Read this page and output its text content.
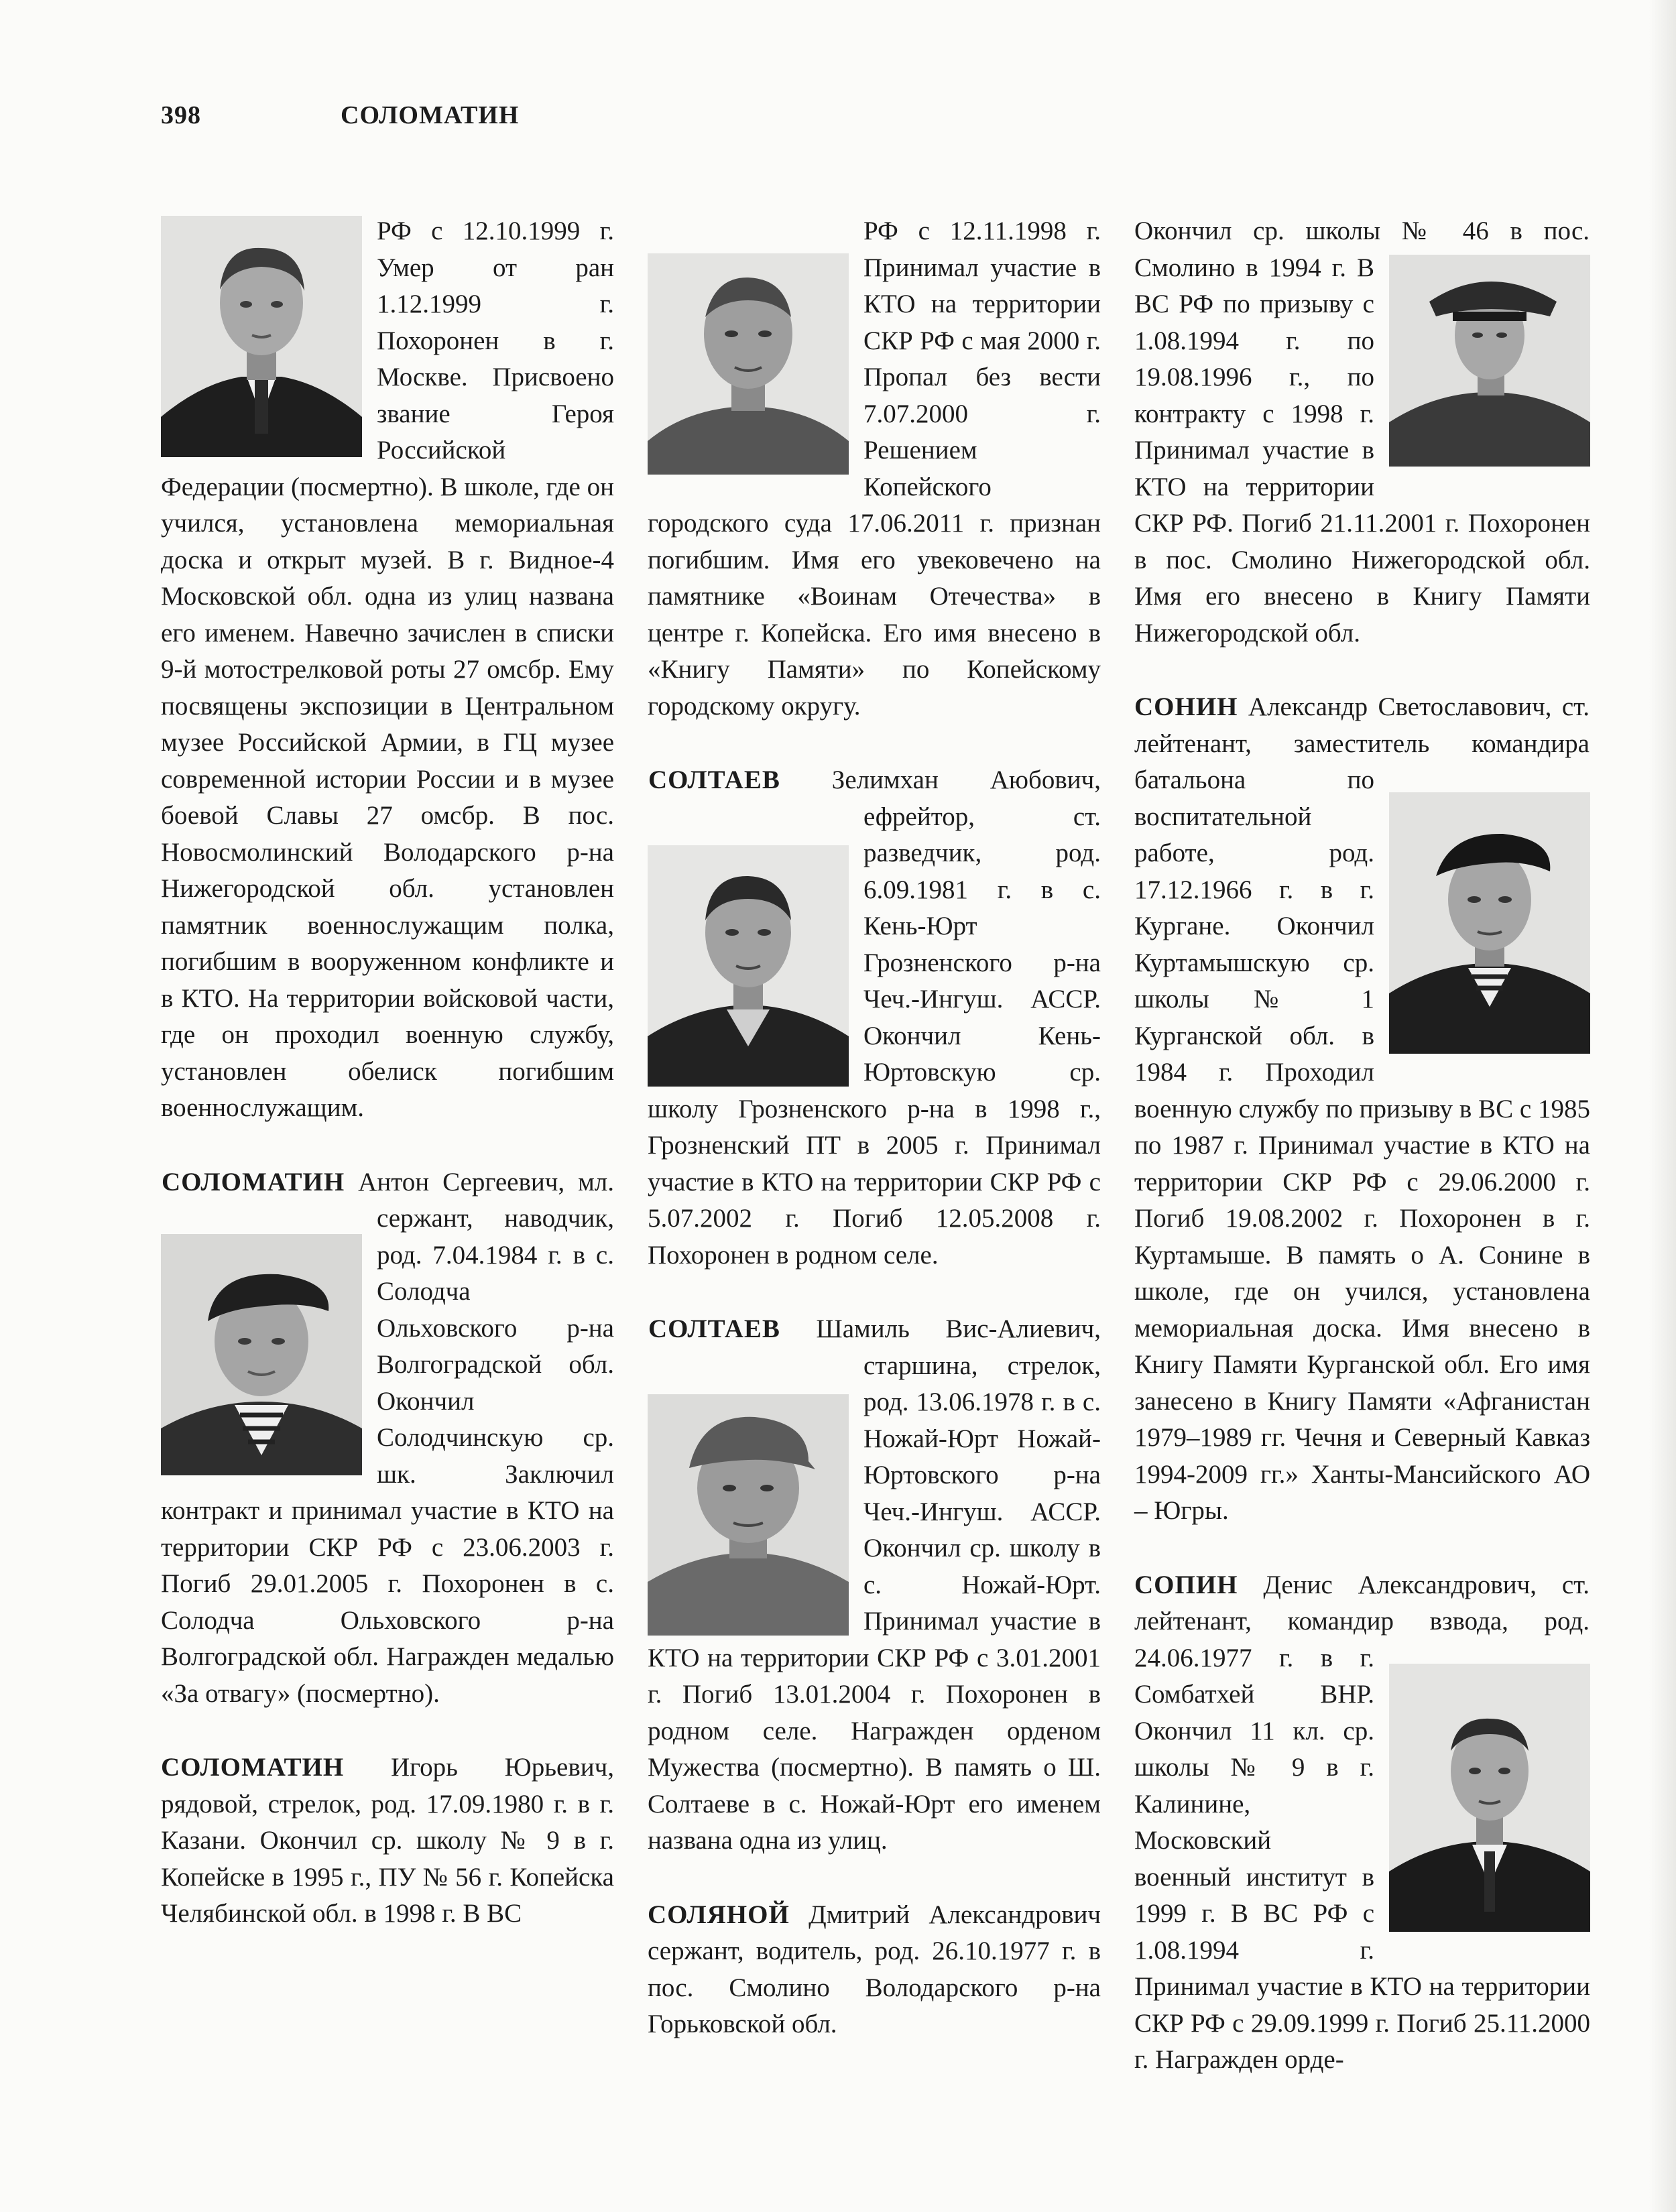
398	СОЛОМАТИН

РФ с 12.10.1999 г. Умер от ран 1.12.1999 г. Похоронен в г. Москве. Присвоено звание Героя Российской Федерации (посмертно). В школе, где он учился, установлена мемориальная доска и открыт музей. В г. Видное-4 Московской обл. одна из улиц названа его именем. Навечно зачислен в списки 9-й мотострелковой роты 27 омсбр. Ему посвящены экспозиции в Центральном музее Российской Армии, в ГЦ музее современной истории России и в музее боевой Славы 27 омсбр. В пос. Новосмолинский Володарского р-на Нижегородской обл. установлен памятник военнослужащим полка, погибшим в вооруженном конфликте и в КТО. На территории войсковой части, где он проходил военную службу, установлен обелиск погибшим военнослужащим.

СОЛОМАТИН Антон Сергеевич, мл. сержант, наводчик, род. 7.04.1984 г. в с. Солодча Ольховского р-на Волгоградской обл. Окончил Солодчинскую ср. шк. Заключил контракт и принимал участие в КТО на территории СКР РФ с 23.06.2003 г. Погиб 29.01.2005 г. Похоронен в с. Солодча Ольховского р-на Волгоградской обл. Награжден медалью «За отвагу» (посмертно).

СОЛОМАТИН Игорь Юрьевич, рядовой, стрелок, род. 17.09.1980 г. в г. Казани. Окончил ср. школу № 9 в г. Копейске в 1995 г., ПУ № 56 г. Копейска Челябинской обл. в 1998 г. В ВС

РФ с 12.11.1998 г. Принимал участие в КТО на территории СКР РФ с мая 2000 г. Пропал без вести 7.07.2000 г. Решением Копейского городского суда 17.06.2011 г. признан погибшим. Имя его увековечено на памятнике «Воинам Отечества» в центре г. Копейска. Его имя внесено в «Книгу Памяти» по Копейскому городскому округу.

СОЛТАЕВ Зелимхан Аюбович, ефрейтор, ст. разведчик, род. 6.09.1981 г. в с. Кень-Юрт Грозненского р-на Чеч.-Ингуш. АССР. Окончил Кень-Юртовскую ср. школу Грозненского р-на в 1998 г., Грозненский ПТ в 2005 г. Принимал участие в КТО на территории СКР РФ с 5.07.2002 г. Погиб 12.05.2008 г. Похоронен в родном селе.

СОЛТАЕВ Шамиль Вис-Алиевич, старшина, стрелок, род. 13.06.1978 г. в с. Ножай-Юрт Ножай-Юртовского р-на Чеч.-Ингуш. АССР. Окончил ср. школу в с. Ножай-Юрт. Принимал участие в КТО на территории СКР РФ с 3.01.2001 г. Погиб 13.01.2004 г. Похоронен в родном селе. Награжден орденом Мужества (посмертно). В память о Ш. Солтаеве в с. Ножай-Юрт его именем названа одна из улиц.

СОЛЯНОЙ Дмитрий Александрович сержант, водитель, род. 26.10.1977 г. в пос. Смолино Володарского р-на Горьковской обл.

Окончил ср. школы № 46 в пос. Смолино в 1994 г. В ВС РФ по призыву с 1.08.1994 г. по 19.08.1996 г., по контракту с 1998 г. Принимал участие в КТО на территории СКР РФ. Погиб 21.11.2001 г. Похоронен в пос. Смолино Нижегородской обл. Имя его внесено в Книгу Памяти Нижегородской обл.

СОНИН Александр Светославович, ст. лейтенант, заместитель командира батальона по воспитательной работе, род. 17.12.1966 г. в г. Кургане. Окончил Куртамышскую ср. школы № 1 Курганской обл. в 1984 г. Проходил военную службу по призыву в ВС с 1985 по 1987 г. Принимал участие в КТО на территории СКР РФ с 29.06.2000 г. Погиб 19.08.2002 г. Похоронен в г. Куртамыше. В память о А. Сонине в школе, где он учился, установлена мемориальная доска. Имя внесено в Книгу Памяти Курганской обл. Его имя занесено в Книгу Памяти «Афганистан 1979–1989 гг. Чечня и Северный Кавказ 1994-2009 гг.» Ханты-Мансийского АО – Югры.

СОПИН Денис Александрович, ст. лейтенант, командир взвода, род. 24.06.1977 г. в г. Сомбатхей ВНР. Окончил 11 кл. ср. школы № 9 в г. Калинине, Московский военный институт в 1999 г. В ВС РФ с 1.08.1994 г. Принимал участие в КТО на территории СКР РФ с 29.09.1999 г. Погиб 25.11.2000 г. Награжден орде-
